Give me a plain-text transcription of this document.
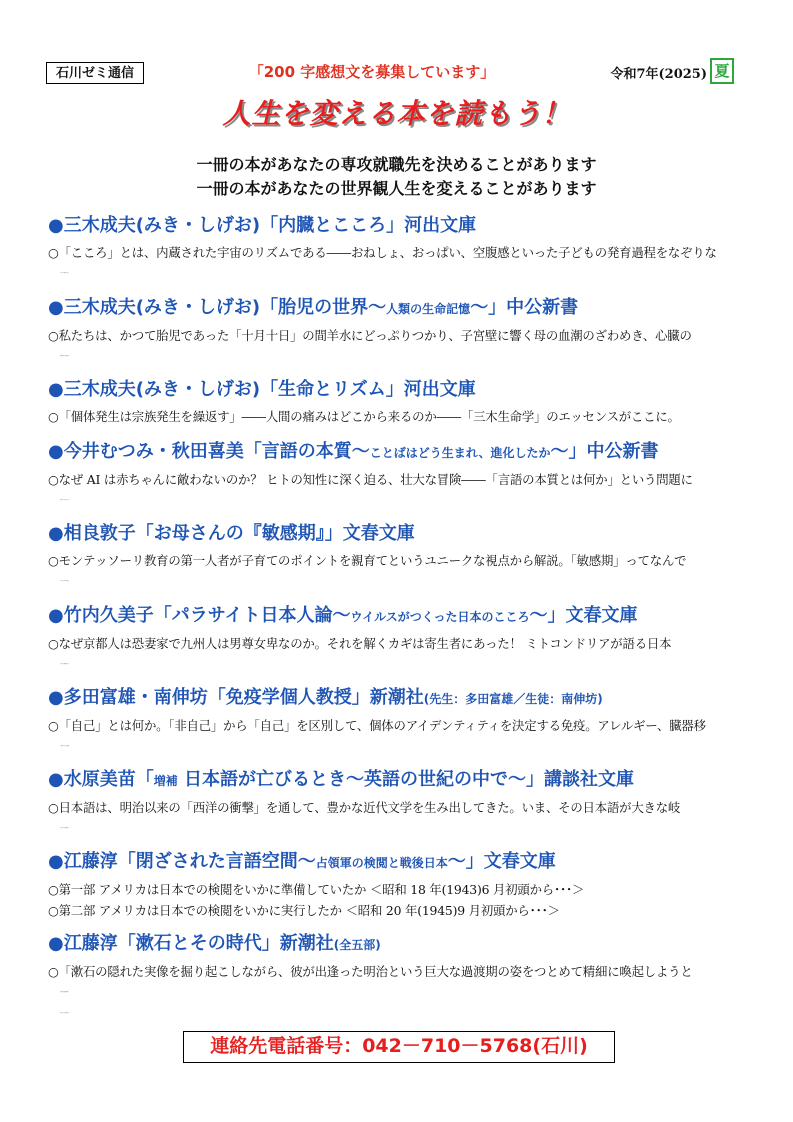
石川ゼミ通信	「200 字感想文を募集しています」	令和7年(2025) 夏
人生を変える本を読もう！
一冊の本があなたの専攻就職先を決めることがあります
一冊の本があなたの世界観人生を変えることがあります
●三木成夫(みき・しげお)「内臓とこころ」河出文庫
○「こころ」とは、内蔵された宇宙のリズムである――おねしょ、おっぱい、空腹感といった子どもの発育過程をなぞりな
●三木成夫(みき・しげお)「胎児の世界～人類の生命記憶～」中公新書
○私たちは、かつて胎児であった「十月十日」の間羊水にどっぷりつかり、子宮壁に響く母の血潮のざわめき、心臓の
●三木成夫(みき・しげお)「生命とリズム」河出文庫
○「個体発生は宗族発生を繰返す」――人間の痛みはどこから来るのか――「三木生命学」のエッセンスがここに。
●今井むつみ・秋田喜美「言語の本質～ことばはどう生まれ、進化したか～」中公新書
○なぜ AI は赤ちゃんに敵わないのか？ ヒトの知性に深く迫る、壮大な冒険――「言語の本質とは何か」という問題に
●相良敦子「お母さんの『敏感期』」文春文庫
○モンテッソーリ教育の第一人者が子育てのポイントを親育てというユニークな視点から解説。「敏感期」ってなんで
●竹内久美子「パラサイト日本人論～ウイルスがつくった日本のこころ～」文春文庫
○なぜ京都人は恐妻家で九州人は男尊女卑なのか。それを解くカギは寄生者にあった！ ミトコンドリアが語る日本
●多田富雄・南伸坊「免疫学個人教授」新潮社(先生：多田富雄／生徒：南伸坊)
○「自己」とは何か。「非自己」から「自己」を区別して、個体のアイデンティティを決定する免疫。アレルギー、臓器移
●水原美苗「増補 日本語が亡びるとき～英語の世紀の中で～」講談社文庫
○日本語は、明治以来の「西洋の衝撃」を通して、豊かな近代文学を生み出してきた。いま、その日本語が大きな岐
●江藤淳「閉ざされた言語空間～占領軍の検閲と戦後日本～」文春文庫
○第一部 アメリカは日本での検閲をいかに準備していたか ＜昭和 18 年(1943)6 月初頭から･･･＞
○第二部 アメリカは日本での検閲をいかに実行したか ＜昭和 20 年(1945)9 月初頭から･･･＞
●江藤淳「漱石とその時代」新潮社(全五部)
○「漱石の隠れた実像を掘り起こしながら、彼が出逢った明治という巨大な過渡期の姿をつとめて精細に喚起しようと
連絡先電話番号：042－710－5768(石川)
